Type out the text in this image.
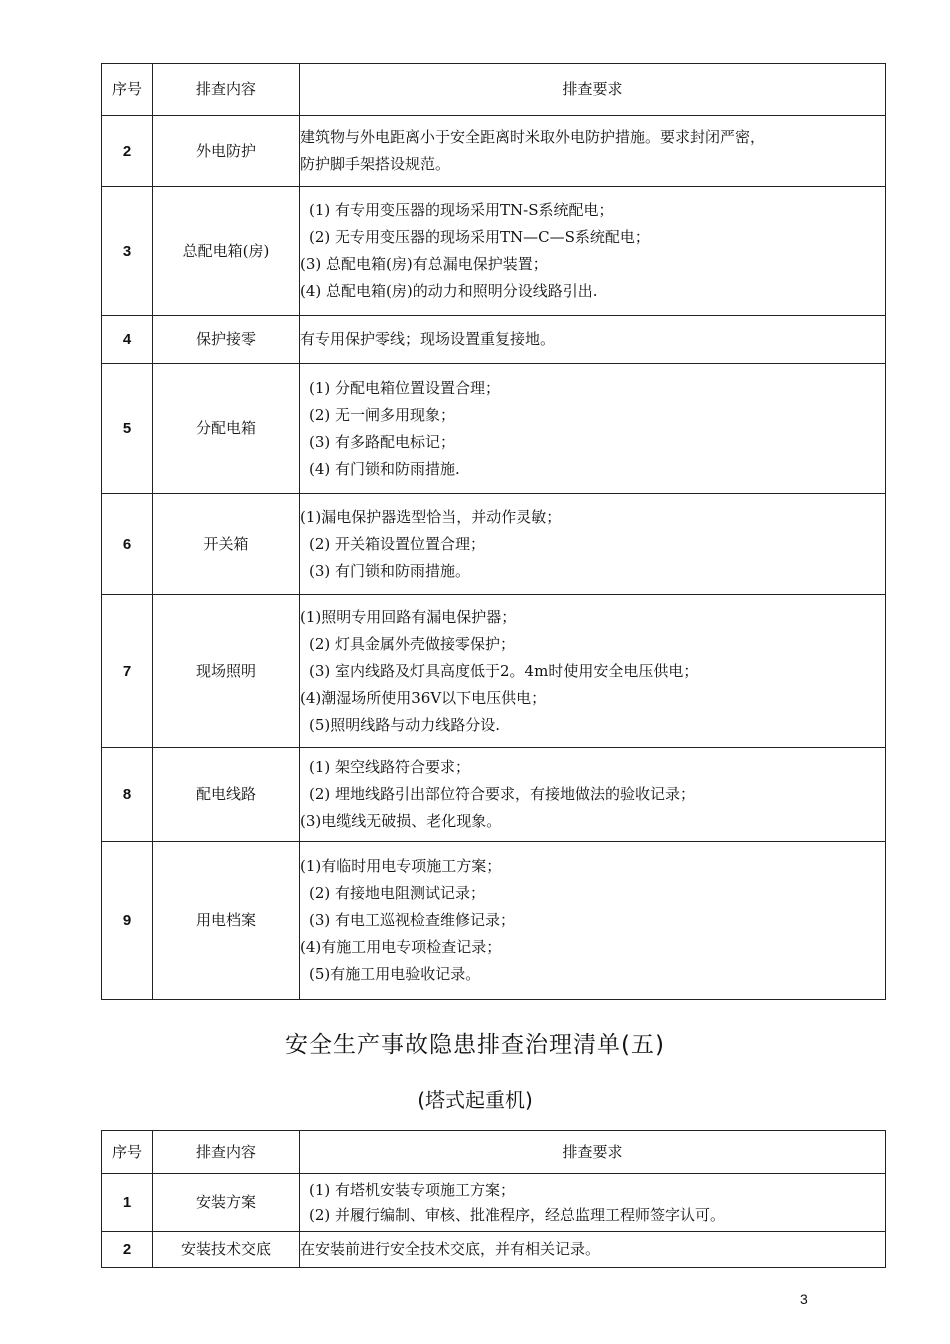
序号	排查内容	排查要求
2	外电防护	建筑物与外电距离小于安全距离时米取外电防护措施。要求封闭严密，
防护脚手架搭设规范。

3	总配电箱(房)	(1) 有专用变压器的现场采用TN-S系统配电；
(2) 无专用变压器的现场采用TN—C—S系统配电；
(3) 总配电箱(房)有总漏电保护装置；
(4) 总配电箱(房)的动力和照明分设线路引出.

4	保护接零	有专用保护零线；现场设置重复接地。

5	分配电箱	(1) 分配电箱位置设置合理；
(2) 无一闸多用现象；
(3) 有多路配电标记；
(4) 有门锁和防雨措施.

6	开关箱	(1)漏电保护器选型恰当，并动作灵敏；
(2) 开关箱设置位置合理；
(3) 有门锁和防雨措施。

7	现场照明	(1)照明专用回路有漏电保护器；
(2) 灯具金属外壳做接零保护；
(3) 室内线路及灯具高度低于2。4m时使用安全电压供电；
(4)潮湿场所使用36V以下电压供电；
(5)照明线路与动力线路分设.

8	配电线路	(1) 架空线路符合要求；
(2) 埋地线路引出部位符合要求，有接地做法的验收记录；
(3)电缆线无破损、老化现象。

9	用电档案	(1)有临时用电专项施工方案；
(2) 有接地电阻测试记录；
(3) 有电工巡视检查维修记录；
(4)有施工用电专项检查记录；
(5)有施工用电验收记录。
安全生产事故隐患排查治理清单(五)
(塔式起重机)
序号	排查内容	排查要求
1	安装方案	(1) 有塔机安装专项施工方案；
(2) 并履行编制、审核、批准程序，经总监理工程师签字认可。

2	安装技术交底	在安装前进行安全技术交底，并有相关记录。
3
